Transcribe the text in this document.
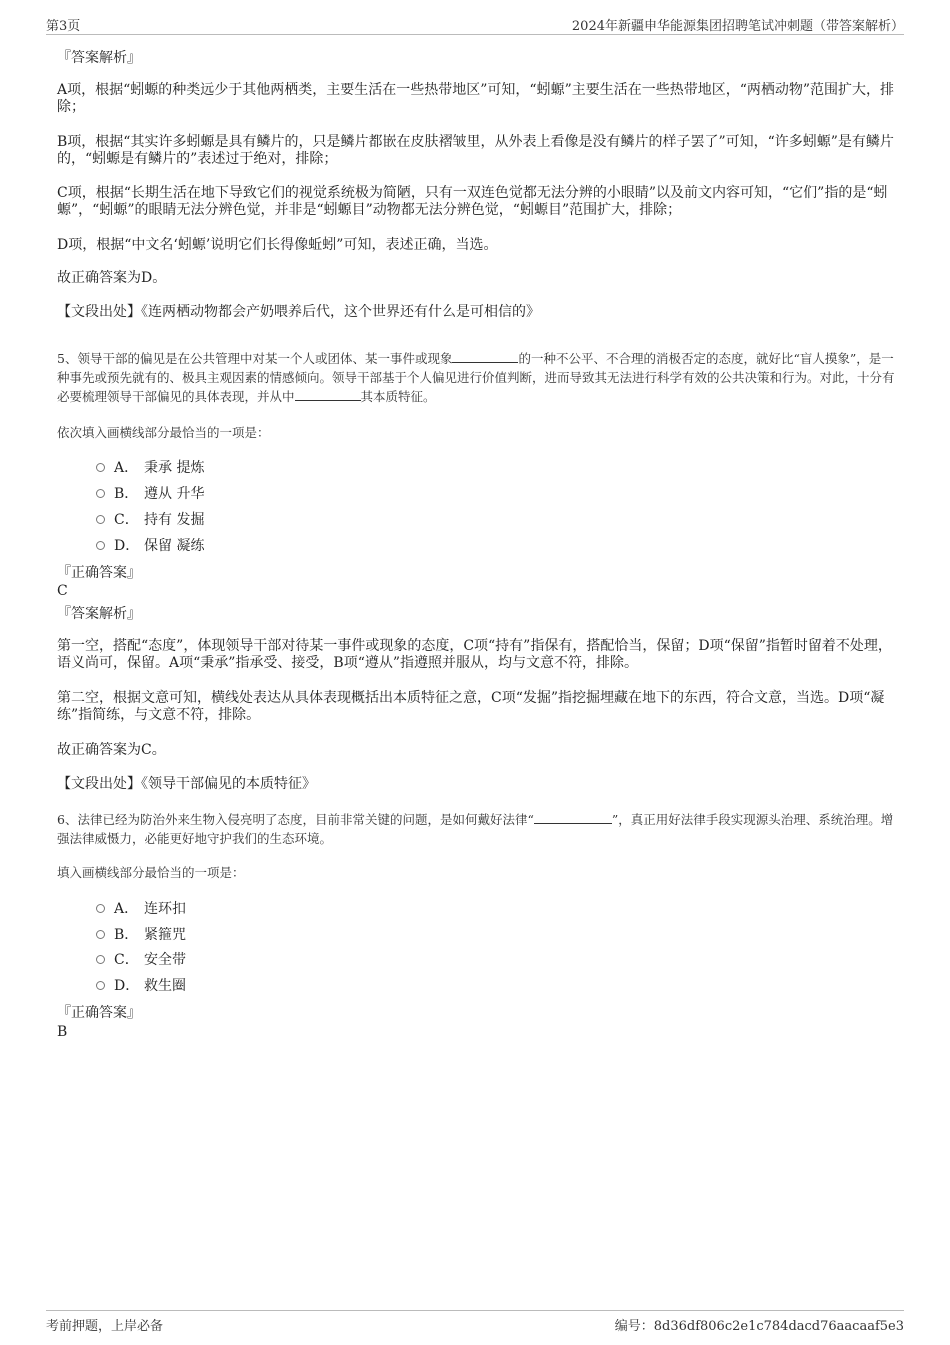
第3页	2024年新疆申华能源集团招聘笔试冲刺题（带答案解析）

『答案解析』

A项，根据“蚓螈的种类远少于其他两栖类，主要生活在一些热带地区”可知，“蚓螈”主要生活在一些热带地区，“两栖动物”范围扩大，排除；

B项，根据“其实许多蚓螈是具有鳞片的，只是鳞片都嵌在皮肤褶皱里，从外表上看像是没有鳞片的样子罢了”可知，“许多蚓螈”是有鳞片的，“蚓螈是有鳞片的”表述过于绝对，排除；

C项，根据“长期生活在地下导致它们的视觉系统极为简陋，只有一双连色觉都无法分辨的小眼睛”以及前文内容可知，“它们”指的是“蚓螈”，“蚓螈”的眼睛无法分辨色觉，并非是“蚓螈目”动物都无法分辨色觉，“蚓螈目”范围扩大，排除；

D项，根据“中文名‘蚓螈’说明它们长得像蚯蚓”可知，表述正确，当选。

故正确答案为D。

【文段出处】《连两栖动物都会产奶喂养后代，这个世界还有什么是可相信的》

5、领导干部的偏见是在公共管理中对某一个人或团体、某一事件或现象	的一种不公平、不合理的消极否定的态度，就好比“盲人摸象”，是一种事先或预先就有的、极具主观因素的情感倾向。领导干部基于个人偏见进行价值判断，进而导致其无法进行科学有效的公共决策和行为。对此，十分有必要梳理领导干部偏见的具体表现，并从中	其本质特征。

依次填入画横线部分最恰当的一项是：

A． 秉承 提炼
B． 遵从 升华
C． 持有 发掘
D． 保留 凝练

『正确答案』

C

『答案解析』

第一空，搭配“态度”，体现领导干部对待某一事件或现象的态度，C项“持有”指保有，搭配恰当，保留；D项“保留”指暂时留着不处理，语义尚可，保留。A项“秉承”指承受、接受，B项“遵从”指遵照并服从，均与文意不符，排除。

第二空，根据文意可知，横线处表达从具体表现概括出本质特征之意，C项“发掘”指挖掘埋藏在地下的东西，符合文意，当选。D项“凝练”指简练，与文意不符，排除。

故正确答案为C。

【文段出处】《领导干部偏见的本质特征》

6、法律已经为防治外来生物入侵亮明了态度，目前非常关键的问题，是如何戴好法律“	”，真正用好法律手段实现源头治理、系统治理。增强法律威慑力，必能更好地守护我们的生态环境。

填入画横线部分最恰当的一项是：

A． 连环扣
B． 紧箍咒
C． 安全带
D． 救生圈

『正确答案』

B

考前押题，上岸必备	编号：8d36df806c2e1c784dacd76aacaaf5e3
